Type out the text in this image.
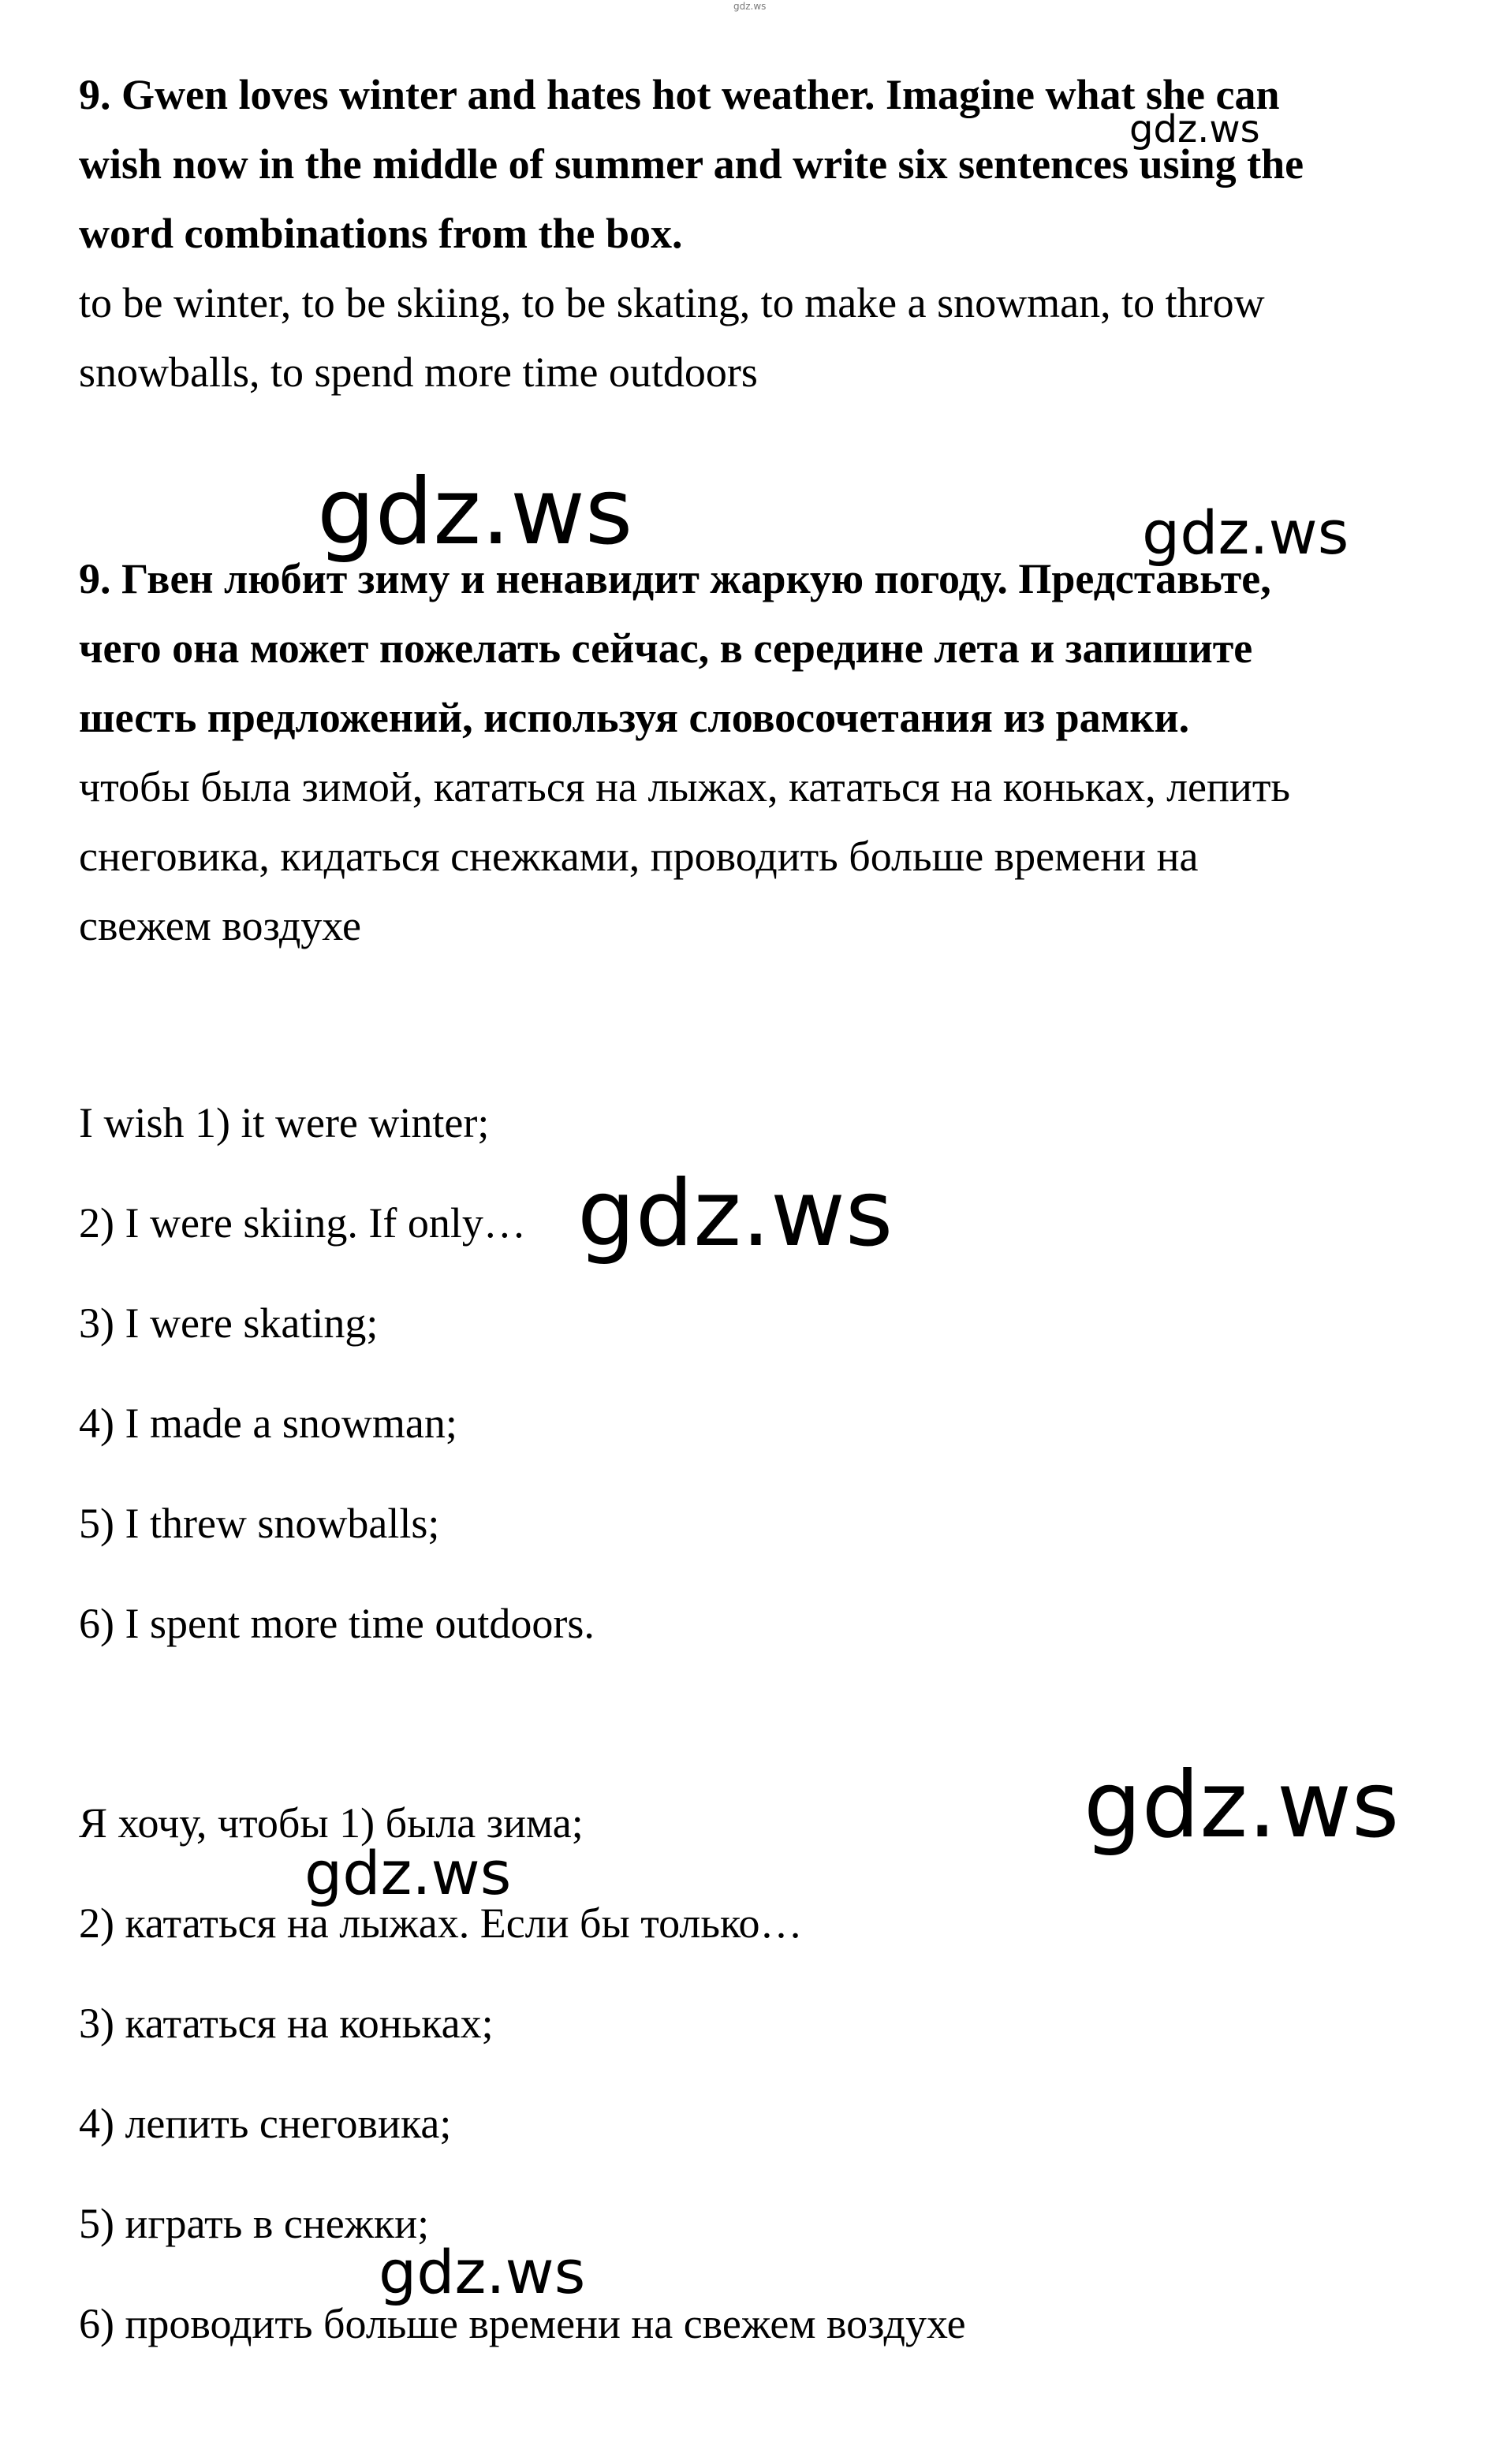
gdz.ws
9. Gwen loves winter and hates hot weather. Imagine what she can
wish now in the middle of summer and write six sentences using the
word combinations from the box.
to be winter, to be skiing, to be skating, to make a snowman, to throw
snowballs, to spend more time outdoors
9. Гвен любит зиму и ненавидит жаркую погоду. Представьте,
чего она может пожелать сейчас, в середине лета и запишите
шесть предложений, используя словосочетания из рамки.
чтобы была зимой, кататься на лыжах, кататься на коньках, лепить
снеговика, кидаться снежками, проводить больше времени на
свежем воздухе
I wish 1) it were winter;
2) I were skiing. If only…
3) I were skating;
4) I made a snowman;
5) I threw snowballs;
6) I spent more time outdoors.
Я хочу, чтобы 1) была зима;
2) кататься на лыжах. Если бы только…
3) кататься на коньках;
4) лепить снеговика;
5) играть в снежки;
6) проводить больше времени на свежем воздухе
gdz.ws
gdz.ws	gdz.ws
gdz.ws
gdz.ws
gdz.ws
gdz.ws
